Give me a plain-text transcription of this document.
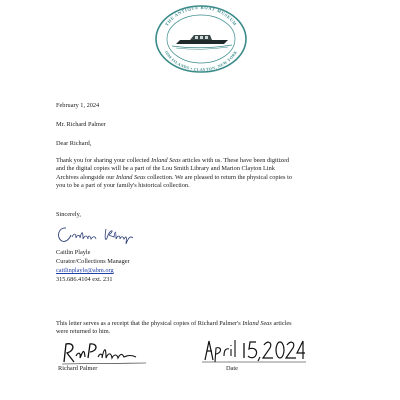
THE ANTIQUE BOAT MUSEUM
1000 ISLANDS • CLAYTON, NEW YORK
February 1, 2024
Mr. Richard Palmer
Dear Richard,
Thank you for sharing your collected Inland Seas articles with us. These have been digitized
and the digital copies will be a part of the Lou Smith Library and Marion Clayton Link
Archives alongside our Inland Seas collection. We are pleased to return the physical copies to
you to be a part of your family's historical collection.
Sincerely,
Caitlin Playle
Curator/Collections Manager
caitlinplayle@abm.org
315.686.4104 ext. 231
This letter serves as a receipt that the physical copies of Richard Palmer's Inland Seas articles
were returned to him.
Richard Palmer	Date
